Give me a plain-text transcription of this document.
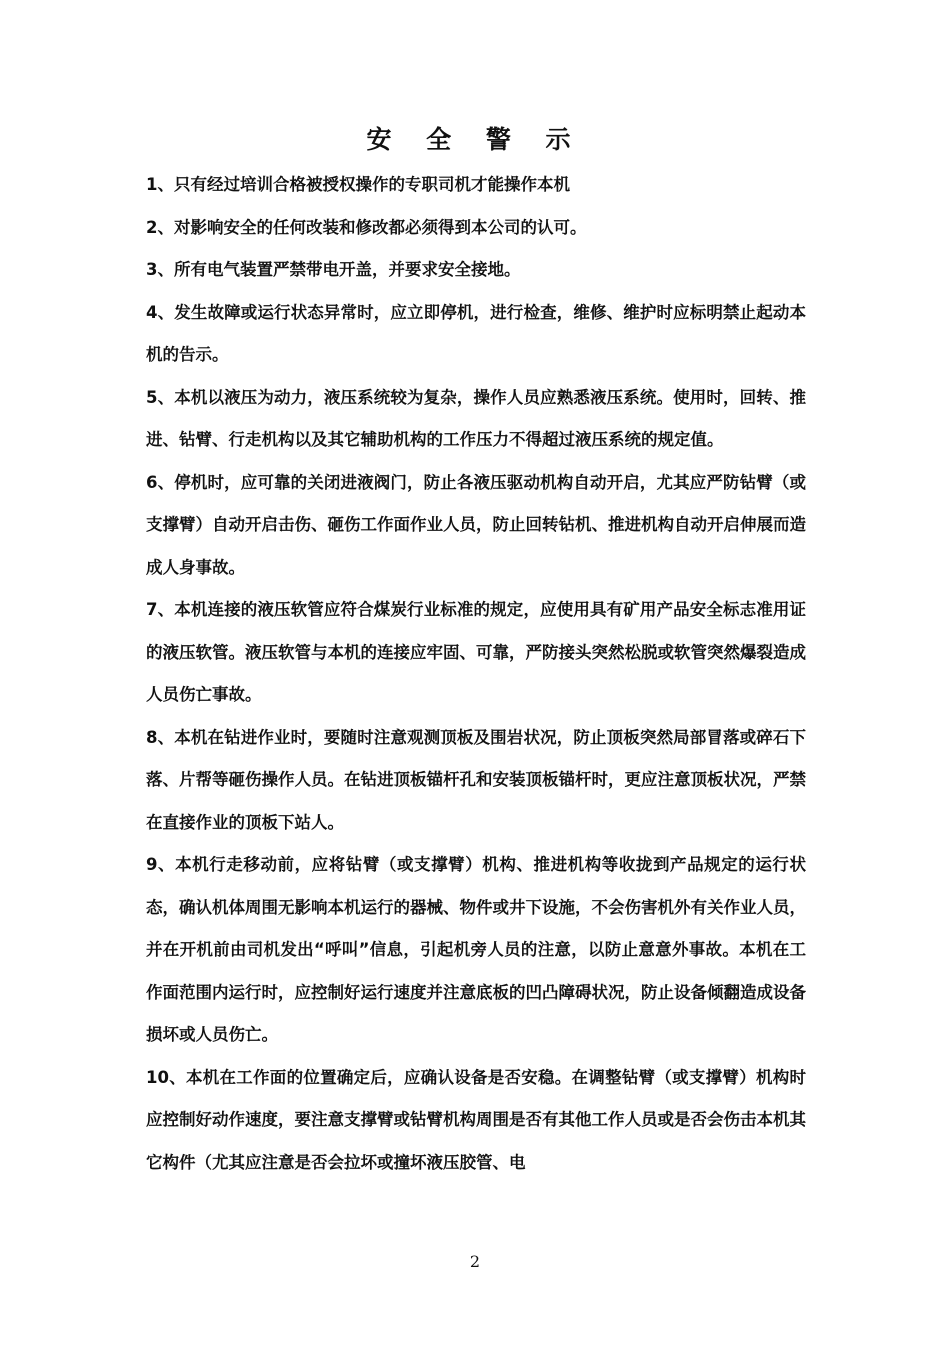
安 全 警 示

1、只有经过培训合格被授权操作的专职司机才能操作本机

2、对影响安全的任何改装和修改都必须得到本公司的认可。

3、所有电气装置严禁带电开盖，并要求安全接地。

4、发生故障或运行状态异常时，应立即停机，进行检查，维修、维护时应标明禁止起动本机的告示。

5、本机以液压为动力，液压系统较为复杂，操作人员应熟悉液压系统。使用时，回转、推进、钻臂、行走机构以及其它辅助机构的工作压力不得超过液压系统的规定值。

6、停机时，应可靠的关闭进液阀门，防止各液压驱动机构自动开启，尤其应严防钻臂（或支撑臂）自动开启击伤、砸伤工作面作业人员，防止回转钻机、推进机构自动开启伸展而造成人身事故。

7、本机连接的液压软管应符合煤炭行业标准的规定，应使用具有矿用产品安全标志准用证的液压软管。液压软管与本机的连接应牢固、可靠，严防接头突然松脱或软管突然爆裂造成人员伤亡事故。

8、本机在钻进作业时，要随时注意观测顶板及围岩状况，防止顶板突然局部冒落或碎石下落、片帮等砸伤操作人员。在钻进顶板锚杆孔和安装顶板锚杆时，更应注意顶板状况，严禁在直接作业的顶板下站人。

9、本机行走移动前，应将钻臂（或支撑臂）机构、推进机构等收拢到产品规定的运行状态，确认机体周围无影响本机运行的器械、物件或井下设施，不会伤害机外有关作业人员，并在开机前由司机发出“呼叫”信息，引起机旁人员的注意，以防止意意外事故。本机在工作面范围内运行时，应控制好运行速度并注意底板的凹凸障碍状况，防止设备倾翻造成设备损坏或人员伤亡。

10、本机在工作面的位置确定后，应确认设备是否安稳。在调整钻臂（或支撑臂）机构时应控制好动作速度，要注意支撑臂或钻臂机构周围是否有其他工作人员或是否会伤击本机其它构件（尤其应注意是否会拉坏或撞坏液压胶管、电

2
